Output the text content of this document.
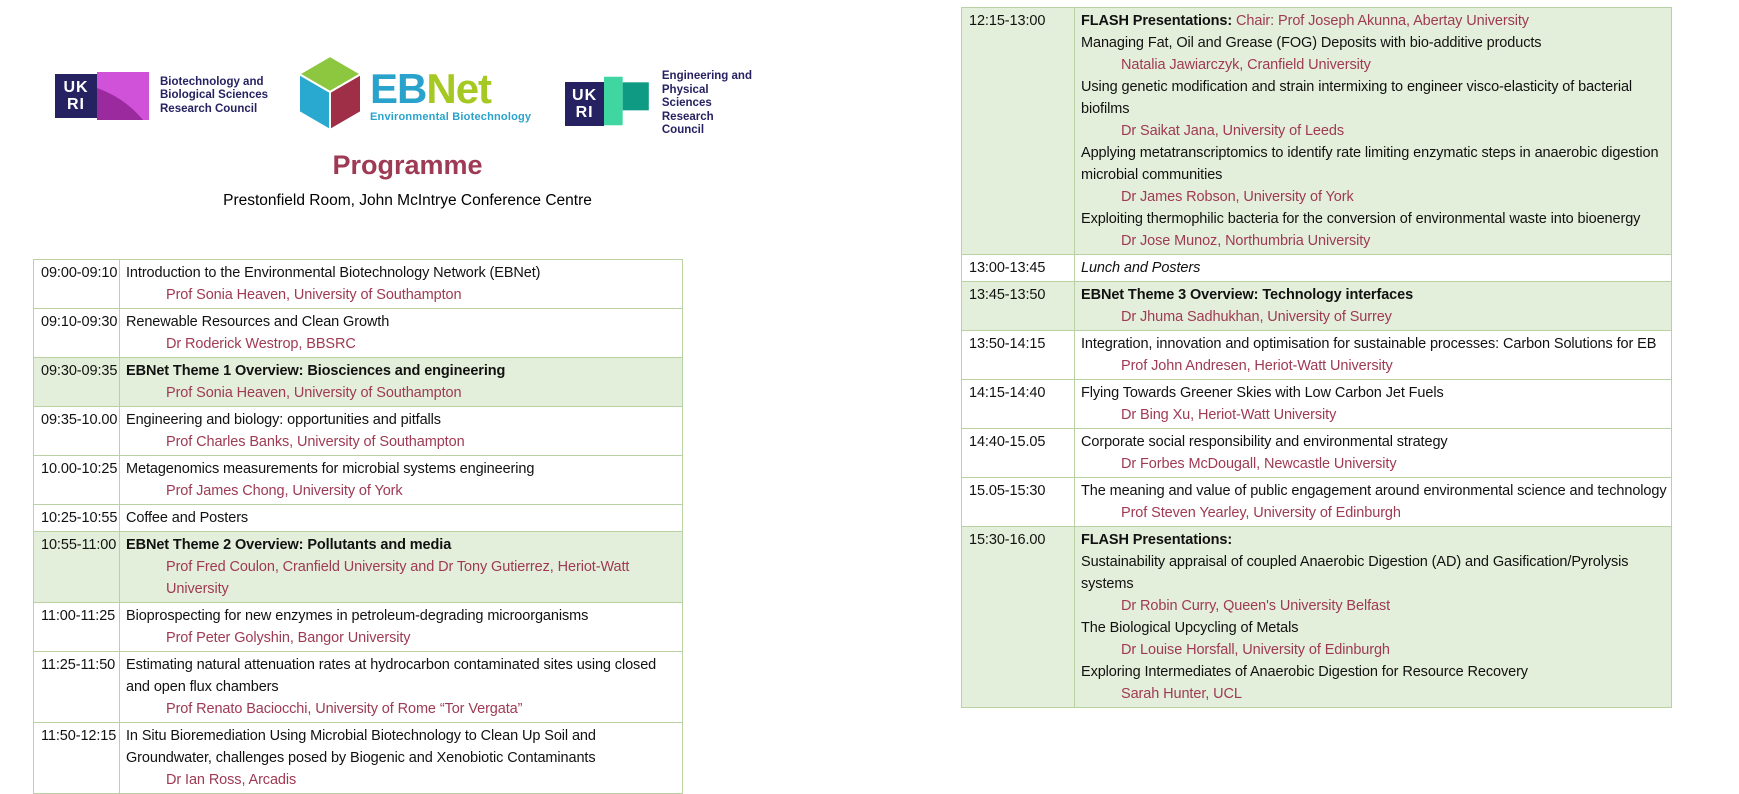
UK
RI
Biotechnology and
Biological Sciences
Research Council	EBNet
Environmental Biotechnology
UK
RI
Engineering and
Physical Sciences
Research Council
Programme
Prestonfield Room, John McIntrye Conference Centre
09:00-09:10 Introduction to the Environmental Biotechnology Network (EBNet)
Prof Sonia Heaven, University of Southampton
09:10-09:30 Renewable Resources and Clean Growth
Dr Roderick Westrop, BBSRC
09:30-09:35 EBNet Theme 1 Overview: Biosciences and engineering
Prof Sonia Heaven, University of Southampton
09:35-10.00 Engineering and biology: opportunities and pitfalls
Prof Charles Banks, University of Southampton
10.00-10:25 Metagenomics measurements for microbial systems engineering
Prof James Chong, University of York
10:25-10:55 Coffee and Posters
10:55-11:00 EBNet Theme 2 Overview: Pollutants and media
Prof Fred Coulon, Cranfield University and Dr Tony Gutierrez, Heriot-Watt University
11:00-11:25 Bioprospecting for new enzymes in petroleum-degrading microorganisms
Prof Peter Golyshin, Bangor University
11:25-11:50 Estimating natural attenuation rates at hydrocarbon contaminated sites using closed and open flux chambers
Prof Renato Baciocchi, University of Rome “Tor Vergata”
11:50-12:15 In Situ Bioremediation Using Microbial Biotechnology to Clean Up Soil and Groundwater, challenges posed by Biogenic and Xenobiotic Contaminants
Dr Ian Ross, Arcadis
12:15-13:00	FLASH Presentations: Chair: Prof Joseph Akunna, Abertay University
Managing Fat, Oil and Grease (FOG) Deposits with bio-additive products
Natalia Jawiarczyk, Cranfield University
Using genetic modification and strain intermixing to engineer visco-elasticity of bacterial biofilms
Dr Saikat Jana, University of Leeds
Applying metatranscriptomics to identify rate limiting enzymatic steps in anaerobic digestion microbial communities
Dr James Robson, University of York
Exploiting thermophilic bacteria for the conversion of environmental waste into bioenergy
Dr Jose Munoz, Northumbria University
13:00-13:45	Lunch and Posters
13:45-13:50	EBNet Theme 3 Overview: Technology interfaces
Dr Jhuma Sadhukhan, University of Surrey
13:50-14:15	Integration, innovation and optimisation for sustainable processes: Carbon Solutions for EB
Prof John Andresen, Heriot-Watt University
14:15-14:40	Flying Towards Greener Skies with Low Carbon Jet Fuels
Dr Bing Xu, Heriot-Watt University
14:40-15.05	Corporate social responsibility and environmental strategy
Dr Forbes McDougall, Newcastle University
15.05-15:30	The meaning and value of public engagement around environmental science and technology
Prof Steven Yearley, University of Edinburgh
15:30-16.00	FLASH Presentations:
Sustainability appraisal of coupled Anaerobic Digestion (AD) and Gasification/Pyrolysis systems
Dr Robin Curry, Queen's University Belfast
The Biological Upcycling of Metals
Dr Louise Horsfall, University of Edinburgh
Exploring Intermediates of Anaerobic Digestion for Resource Recovery
Sarah Hunter, UCL
